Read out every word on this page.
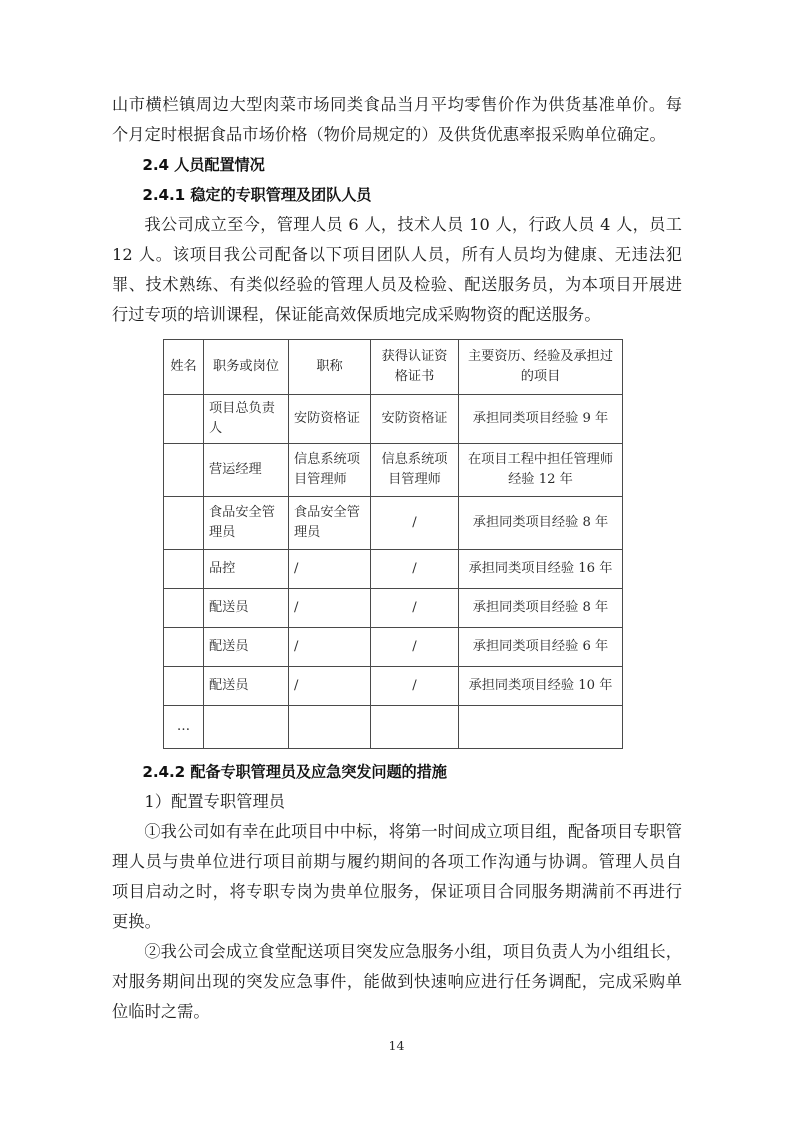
山市横栏镇周边大型肉菜市场同类食品当月平均零售价作为供货基准单价。每个月定时根据食品市场价格（物价局规定的）及供货优惠率报采购单位确定。

2.4 人员配置情况
2.4.1 稳定的专职管理及团队人员

我公司成立至今，管理人员 6 人，技术人员 10 人，行政人员 4 人，员工 12 人。该项目我公司配备以下项目团队人员，所有人员均为健康、无违法犯罪、技术熟练、有类似经验的管理人员及检验、配送服务员，为本项目开展进行过专项的培训课程，保证能高效保质地完成采购物资的配送服务。

姓名	职务或岗位	职称	获得认证资格证书	主要资历、经验及承担过的项目
	项目总负责人	安防资格证	安防资格证	承担同类项目经验 9 年
	营运经理	信息系统项目管理师	信息系统项目管理师	在项目工程中担任管理师经验 12 年
	食品安全管理员	食品安全管理员	/	承担同类项目经验 8 年
	品控	/	/	承担同类项目经验 16 年
	配送员	/	/	承担同类项目经验 8 年
	配送员	/	/	承担同类项目经验 6 年
	配送员	/	/	承担同类项目经验 10 年
…				
2.4.2 配备专职管理员及应急突发问题的措施

1）配置专职管理员

①我公司如有幸在此项目中中标，将第一时间成立项目组，配备项目专职管理人员与贵单位进行项目前期与履约期间的各项工作沟通与协调。管理人员自项目启动之时，将专职专岗为贵单位服务，保证项目合同服务期满前不再进行更换。

②我公司会成立食堂配送项目突发应急服务小组，项目负责人为小组组长，对服务期间出现的突发应急事件，能做到快速响应进行任务调配，完成采购单位临时之需。

14
